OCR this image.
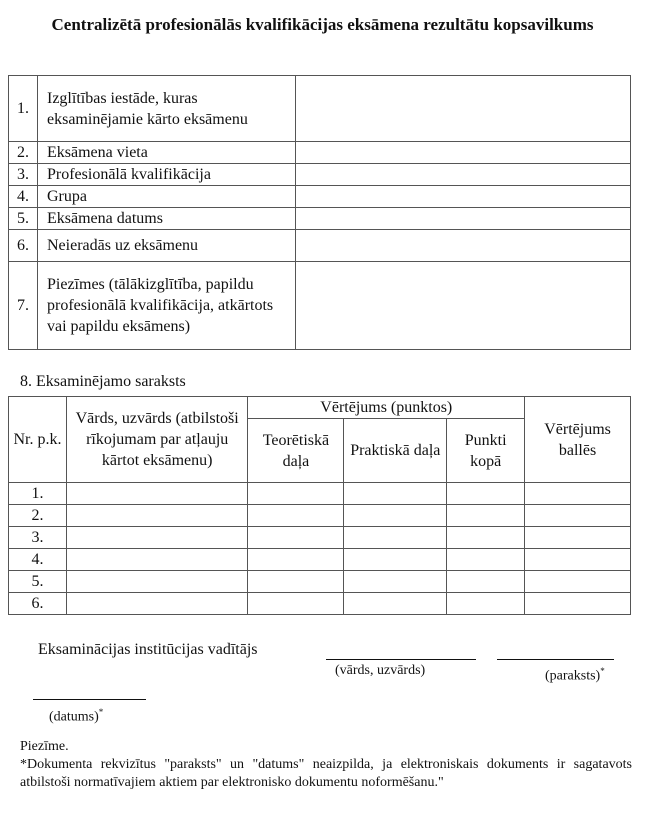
Centralizētā profesionālās kvalifikācijas eksāmena rezultātu kopsavilkums
1.	Izglītības iestāde, kuras eksaminējamie kārto eksāmenu	
2.	Eksāmena vieta	
3.	Profesionālā kvalifikācija	
4.	Grupa	
5.	Eksāmena datums	
6.	Neieradās uz eksāmenu	
7.	Piezīmes (tālākizglītība, papildu profesionālā kvalifikācija, atkārtots vai papildu eksāmens)	
8. Eksaminējamo saraksts
Nr. p.k.	Vārds, uzvārds (atbilstoši rīkojumam par atļauju kārtot eksāmenu)	Vērtējums (punktos)			Vērtējums ballēs
		Teorētiskā daļa	Praktiskā daļa	Punkti kopā	
1.					
2.					
3.					
4.					
5.					
6.					
Eksaminācijas institūcijas vadītājs
(vārds, uzvārds)	(paraksts)*
(datums)*
Piezīme.
*Dokumenta rekvizītus "paraksts" un "datums" neaizpilda, ja elektroniskais dokuments ir sagatavots atbilstoši normatīvajiem aktiem par elektronisko dokumentu noformēšanu."
